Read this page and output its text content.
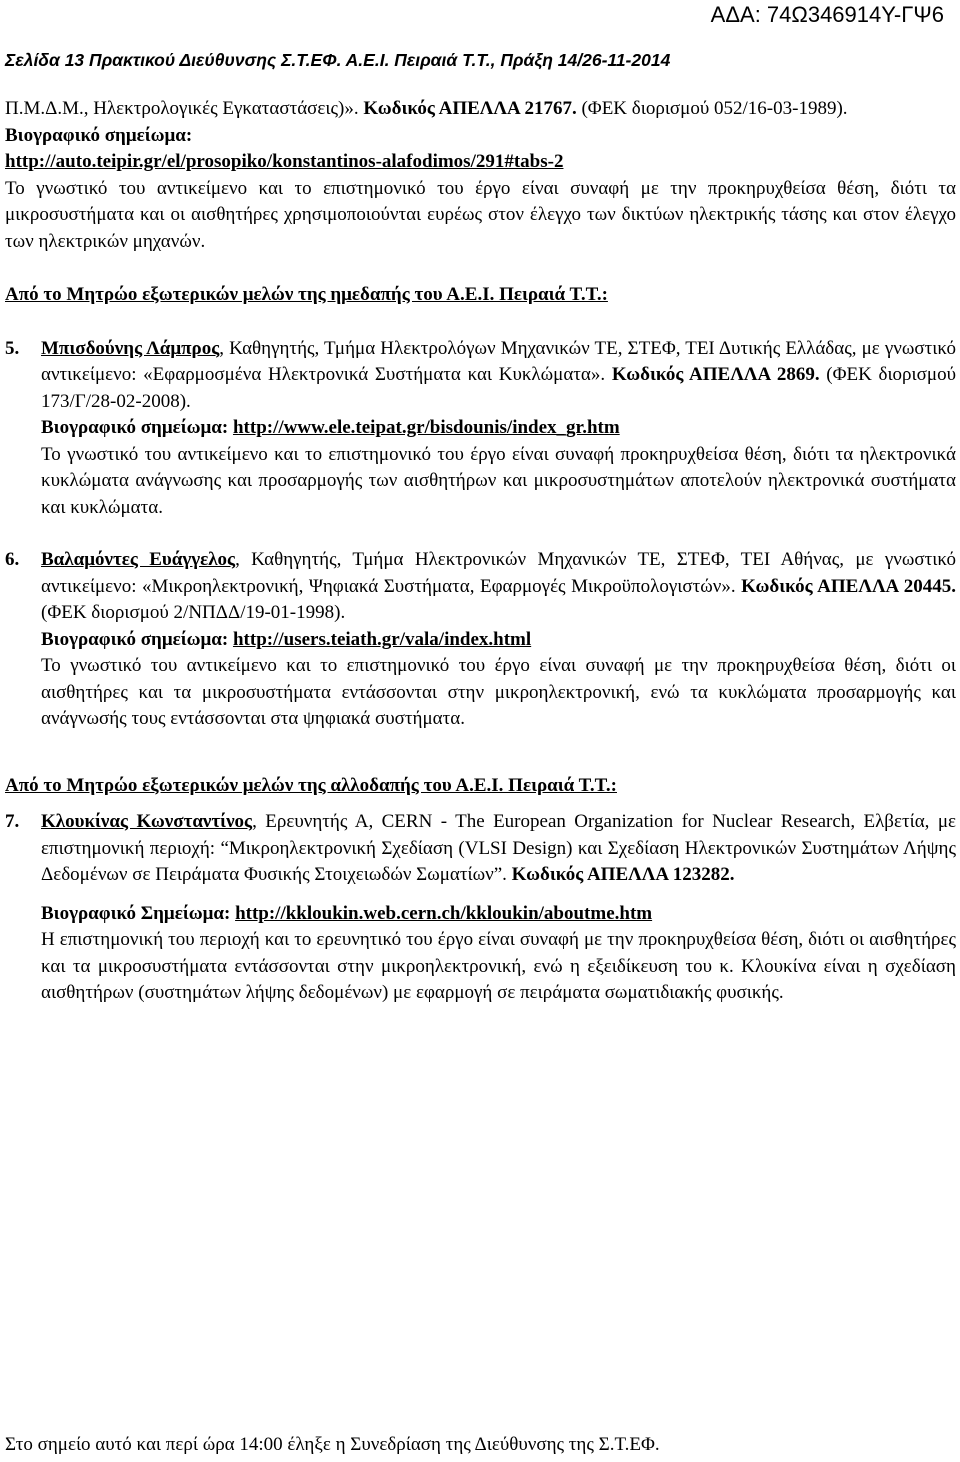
ΑΔΑ: 74Ω346914Υ-ΓΨ6
Σελίδα 13 Πρακτικού Διεύθυνσης Σ.Τ.ΕΦ. Α.Ε.Ι. Πειραιά Τ.Τ., Πράξη 14/26-11-2014

Π.Μ.Δ.Μ., Ηλεκτρολογικές Εγκαταστάσεις)». Κωδικός ΑΠΕΛΛΑ 21767. (ΦΕΚ διορισμού 052/16-03-1989).

Βιογραφικό σημείωμα:

http://auto.teipir.gr/el/prosopiko/konstantinos-alafodimos/291#tabs-2

Το γνωστικό του αντικείμενο και το επιστημονικό του έργο είναι συναφή με την προκηρυχθείσα θέση, διότι τα μικροσυστήματα και οι αισθητήρες χρησιμοποιούνται ευρέως στον έλεγχο των δικτύων ηλεκτρικής τάσης και στον έλεγχο των ηλεκτρικών μηχανών.

Από το Μητρώο εξωτερικών μελών της ημεδαπής του Α.Ε.Ι. Πειραιά Τ.Τ.:

5.	Μπισδούνης Λάμπρος, Καθηγητής, Τμήμα Ηλεκτρολόγων Μηχανικών ΤΕ, ΣΤΕΦ, ΤΕΙ Δυτικής Ελλάδας, με γνωστικό αντικείμενο: «Εφαρμοσμένα Ηλεκτρονικά Συστήματα και Κυκλώματα». Κωδικός ΑΠΕΛΛΑ 2869. (ΦΕΚ διορισμού 173/Γ/28-02-2008).

Βιογραφικό σημείωμα: http://www.ele.teipat.gr/bisdounis/index_gr.htm

Το γνωστικό του αντικείμενο και το επιστημονικό του έργο είναι συναφή προκηρυχθείσα θέση, διότι τα ηλεκτρονικά κυκλώματα ανάγνωσης και προσαρμογής των αισθητήρων και μικροσυστημάτων αποτελούν ηλεκτρονικά συστήματα και κυκλώματα.

6.	Βαλαμόντες Ευάγγελος, Καθηγητής, Τμήμα Ηλεκτρονικών Μηχανικών ΤΕ, ΣΤΕΦ, ΤΕΙ Αθήνας, με γνωστικό αντικείμενο: «Μικροηλεκτρονική, Ψηφιακά Συστήματα, Εφαρμογές Μικροϋπολογιστών». Κωδικός ΑΠΕΛΛΑ 20445. (ΦΕΚ διορισμού 2/ΝΠΔΔ/19-01-1998).

Βιογραφικό σημείωμα: http://users.teiath.gr/vala/index.html

Το γνωστικό του αντικείμενο και το επιστημονικό του έργο είναι συναφή με την προκηρυχθείσα θέση, διότι οι αισθητήρες και τα μικροσυστήματα εντάσσονται στην μικροηλεκτρονική, ενώ τα κυκλώματα προσαρμογής και ανάγνωσής τους εντάσσονται στα ψηφιακά συστήματα.

Από το Μητρώο εξωτερικών μελών της αλλοδαπής του Α.Ε.Ι. Πειραιά Τ.Τ.:

7.	Κλουκίνας Κωνσταντίνος, Ερευνητής Α, CERN - The European Organization for Nuclear Research, Ελβετία, με επιστημονική περιοχή: “Μικροηλεκτρονική Σχεδίαση (VLSI Design) και Σχεδίαση Ηλεκτρονικών Συστημάτων Λήψης Δεδομένων σε Πειράματα Φυσικής Στοιχειωδών Σωματίων”. Κωδικός ΑΠΕΛΛΑ 123282.

Βιογραφικό Σημείωμα: http://kkloukin.web.cern.ch/kkloukin/aboutme.htm

Η επιστημονική του περιοχή και το ερευνητικό του έργο είναι συναφή με την προκηρυχθείσα θέση, διότι οι αισθητήρες και τα μικροσυστήματα εντάσσονται στην μικροηλεκτρονική, ενώ η εξειδίκευση του κ. Κλουκίνα είναι η σχεδίαση αισθητήρων (συστημάτων λήψης δεδομένων) με εφαρμογή σε πειράματα σωματιδιακής φυσικής.

Στο σημείο αυτό και περί ώρα 14:00 έληξε η Συνεδρίαση της Διεύθυνσης της Σ.Τ.ΕΦ.
